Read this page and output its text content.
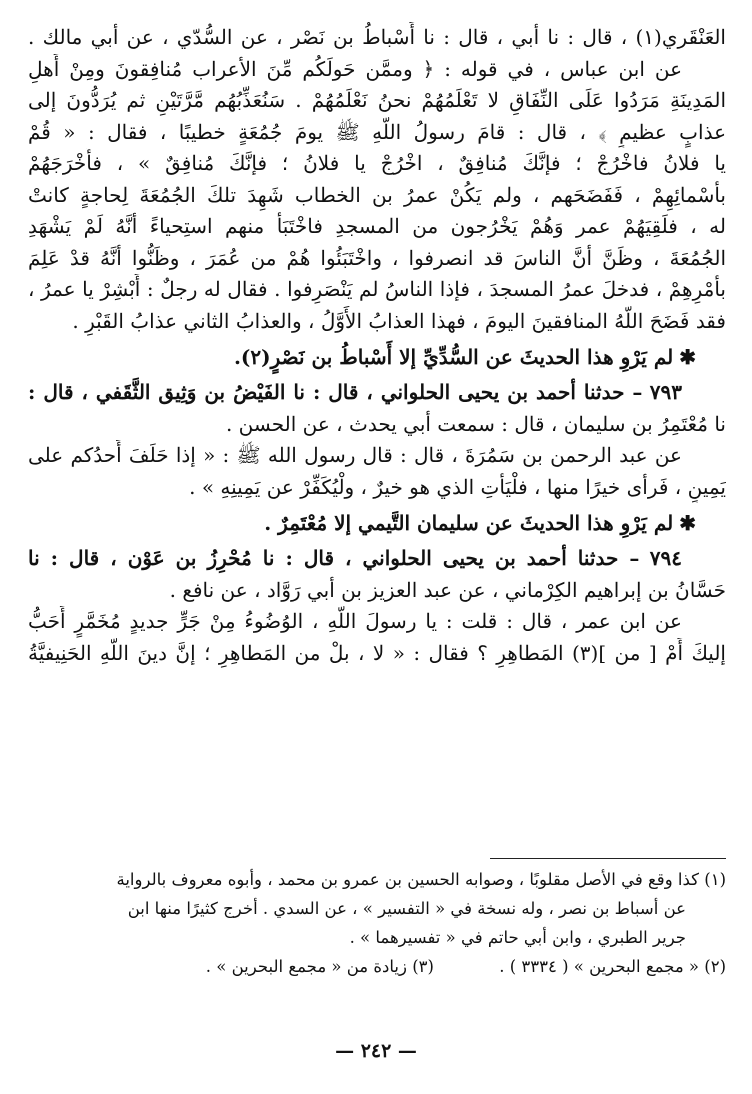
العَنْقَري(١) ، قال : نا أبي ، قال : نا أَسْباطُ بن نَصْر ، عن السُّدّي ، عن أبي مالك .
عن ابن عباس ، في قوله : ﴿ وممَّن حَولَكُم مِّنَ الأعراب مُنافِقونَ ومِنْ أَهلِ
المَدِينَةِ مَرَدُوا عَلَى النِّفَاقِ لا تَعْلَمُهُمْ نحنُ نَعْلَمُهُمْ . سَنُعَذِّبُهُم مَّرَّتَيْنِ ثم يُرَدُّونَ إلى
عذابٍ عظيمٍ ﴾ ، قال : قامَ رسولُ اللّهِ ﷺ يومَ جُمُعَةٍ خطيبًا ، فقال : « قُمْ
يا فلانُ فاخْرُجْ ؛ فإنَّكَ مُنافِقٌ ، اخْرُجْ يا فلانُ ؛ فإنَّكَ مُنافِقٌ » ، فأَخْرَجَهُمْ
بأَسْمائِهِمْ ، فَفَضَحَهم ، ولم يَكُنْ عمرُ بن الخطاب شَهِدَ تلكَ الجُمُعَةَ لِحاجةٍ كانتْ
له ، فلَقِيَهُمْ عمر وَهُمْ يَخْرُجون من المسجدِ فاخْتَبَأَ منهم استِحياءً أنَّهُ لَمْ يَشْهَدِ
الجُمُعَةَ ، وظَنَّ أنَّ الناسَ قد انصرفوا ، واخْتَبَئُوا هُمْ من عُمَرَ ، وظَنُّوا أنَّهُ قدْ عَلِمَ
بأَمْرِهِمْ ، فدخلَ عمرُ المسجدَ ، فإذا الناسُ لم يَنْصَرِفوا . فقال له رجلٌ : أَبْشِرْ يا عمرُ ،
فقد فَضَحَ اللّهُ المنافقينَ اليومَ ، فهذا العذابُ الأَوَّلُ ، والعذابُ الثاني عذابُ القَبْرِ .
✱لم يَرْوِ هذا الحديثَ عن السُّدِّيِّ إلا أَسْباطُ بن نَصْرٍ(٢).
٧٩٣ – حدثنا أحمد بن يحيى الحلواني ، قال : نا الفَيْضُ بن وَثِيق الثَّقَفي ، قال :
نا مُعْتَمِرُ بن سليمان ، قال : سمعت أبي يحدث ، عن الحسن .
عن عبد الرحمن بن سَمُرَةَ ، قال : قال رسول الله ﷺ : « إذا حَلَفَ أَحدُكم على
يَمِينٍ ، فَرأى خيرًا منها ، فلْيَأْتِ الذي هو خيرٌ ، ولْيُكَفِّرْ عن يَمِينِهِ » .
✱لم يَرْوِ هذا الحديثَ عن سليمان التَّيمي إلا مُعْتَمِرٌ .
٧٩٤ – حدثنا أحمد بن يحيى الحلواني ، قال : نا مُحْرِزُ بن عَوْن ، قال : نا
حَسَّانُ بن إبراهيم الكِرْماني ، عن عبد العزيز بن أبي رَوَّاد ، عن نافع .
عن ابن عمر ، قال : قلت : يا رسولَ اللّهِ ، الوُضُوءُ مِنْ جَرٍّ جديدٍ مُخَمَّرٍ أَحَبُّ
إليكَ أَمْ [ من ](٣) المَطاهِرِ ؟ فقال : « لا ، بلْ من المَطاهِرِ ؛ إنَّ دينَ اللّهِ الحَنِيفيَّةُ
(١) كذا وقع في الأصل مقلوبًا ، وصوابه الحسين بن عمرو بن محمد ، وأبوه معروف بالرواية
عن أسباط بن نصر ، وله نسخة في « التفسير » ، عن السدي . أخرج كثيرًا منها ابن
جرير الطبري ، وابن أبي حاتم في « تفسيرهما » .
(٢) « مجمع البحرين » ( ٣٣٣٤ ) . (٣) زيادة من « مجمع البحرين » .
— ٢٤٢ —
